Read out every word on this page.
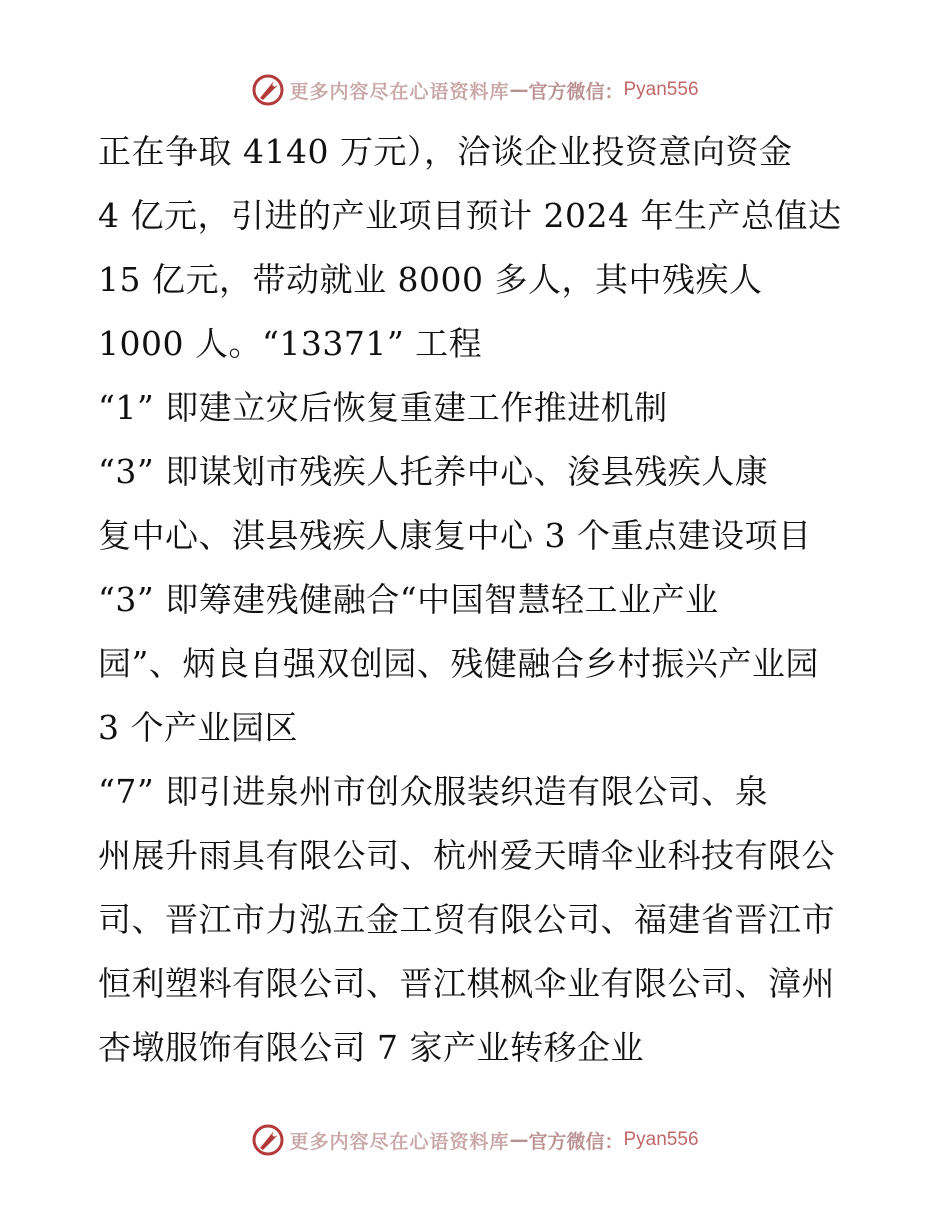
更多内容尽在心语资料库 — 官方微信： Pyan556
正在争取 4140 万元），洽谈企业投资意向资金
4 亿元，引进的产业项目预计 2024 年生产总值达
15 亿元，带动就业 8000 多人，其中残疾人
1000 人。“13371” 工程
“1” 即建立灾后恢复重建工作推进机制
“3” 即谋划市残疾人托养中心、浚县残疾人康
复中心、淇县残疾人康复中心 3 个重点建设项目
“3” 即筹建残健融合“中国智慧轻工业产业
园”、炳良自强双创园、残健融合乡村振兴产业园
3 个产业园区
“7” 即引进泉州市创众服装织造有限公司、泉
州展升雨具有限公司、杭州爱天晴伞业科技有限公
司、晋江市力泓五金工贸有限公司、福建省晋江市
恒利塑料有限公司、晋江棋枫伞业有限公司、漳州
杏墩服饰有限公司 7 家产业转移企业
更多内容尽在心语资料库 — 官方微信： Pyan556
